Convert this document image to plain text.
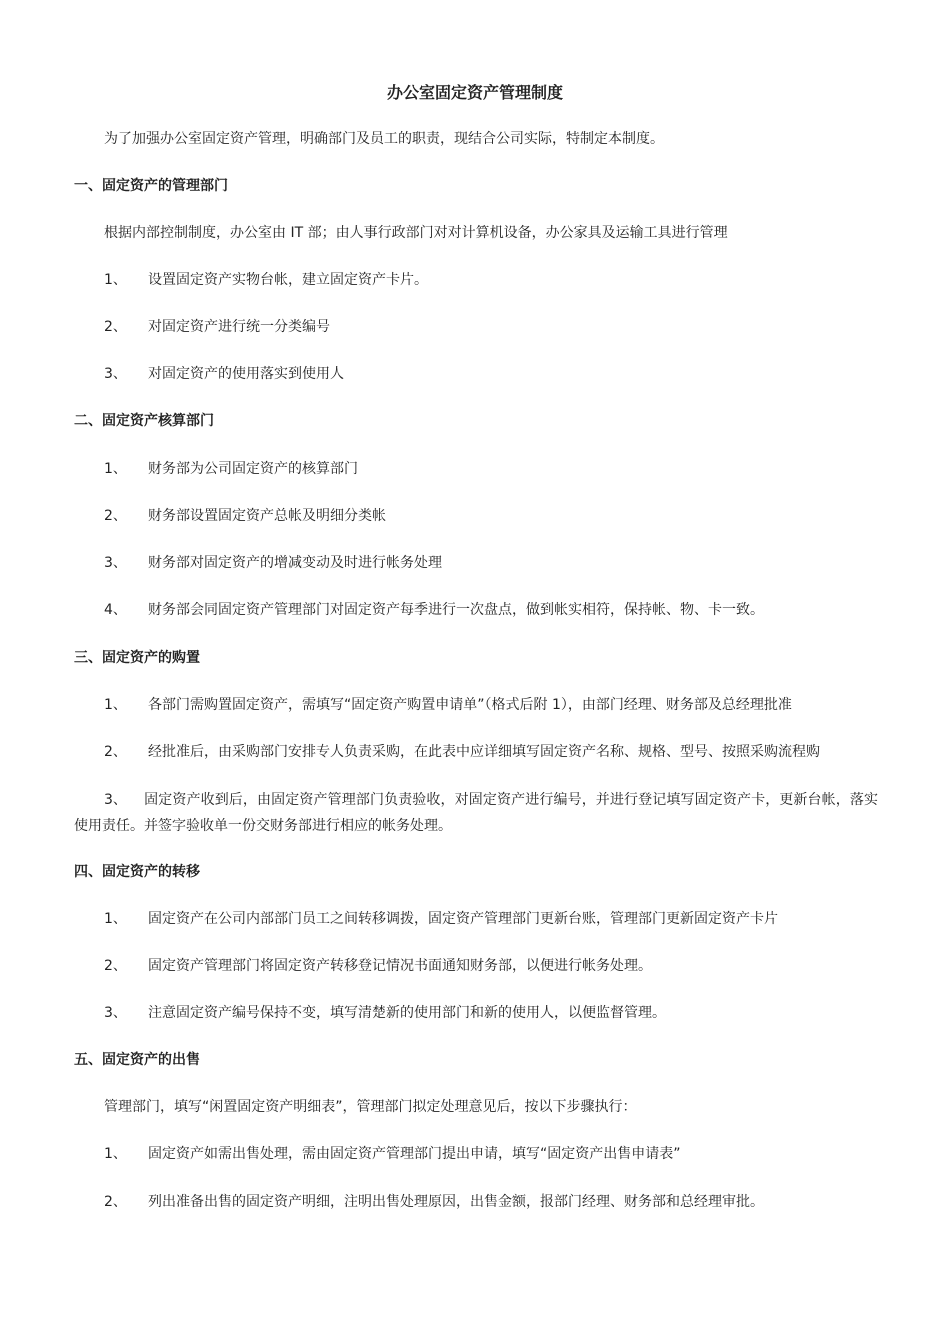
办公室固定资产管理制度
为了加强办公室固定资产管理，明确部门及员工的职责，现结合公司实际，特制定本制度。
一、固定资产的管理部门
根据内部控制制度，办公室由 IT 部；由人事行政部门对对计算机设备，办公家具及运输工具进行管理
1、 设置固定资产实物台帐，建立固定资产卡片。
2、 对固定资产进行统一分类编号
3、 对固定资产的使用落实到使用人
二、固定资产核算部门
1、 财务部为公司固定资产的核算部门
2、 财务部设置固定资产总帐及明细分类帐
3、 财务部对固定资产的增减变动及时进行帐务处理
4、 财务部会同固定资产管理部门对固定资产每季进行一次盘点，做到帐实相符，保持帐、物、卡一致。
三、固定资产的购置
1、 各部门需购置固定资产，需填写“固定资产购置申请单”（格式后附 1），由部门经理、财务部及总经理批准
2、 经批准后，由采购部门安排专人负责采购，在此表中应详细填写固定资产名称、规格、型号、按照采购流程购
3、 固定资产收到后，由固定资产管理部门负责验收，对固定资产进行编号，并进行登记填写固定资产卡，更新台帐，落实使用责任。并签字验收单一份交财务部进行相应的帐务处理。
四、固定资产的转移
1、 固定资产在公司内部部门员工之间转移调拨，固定资产管理部门更新台账，管理部门更新固定资产卡片
2、 固定资产管理部门将固定资产转移登记情况书面通知财务部，以便进行帐务处理。
3、 注意固定资产编号保持不变，填写清楚新的使用部门和新的使用人，以便监督管理。
五、固定资产的出售
管理部门，填写“闲置固定资产明细表”，管理部门拟定处理意见后，按以下步骤执行：
1、 固定资产如需出售处理，需由固定资产管理部门提出申请，填写“固定资产出售申请表”
2、 列出准备出售的固定资产明细，注明出售处理原因，出售金额，报部门经理、财务部和总经理审批。
